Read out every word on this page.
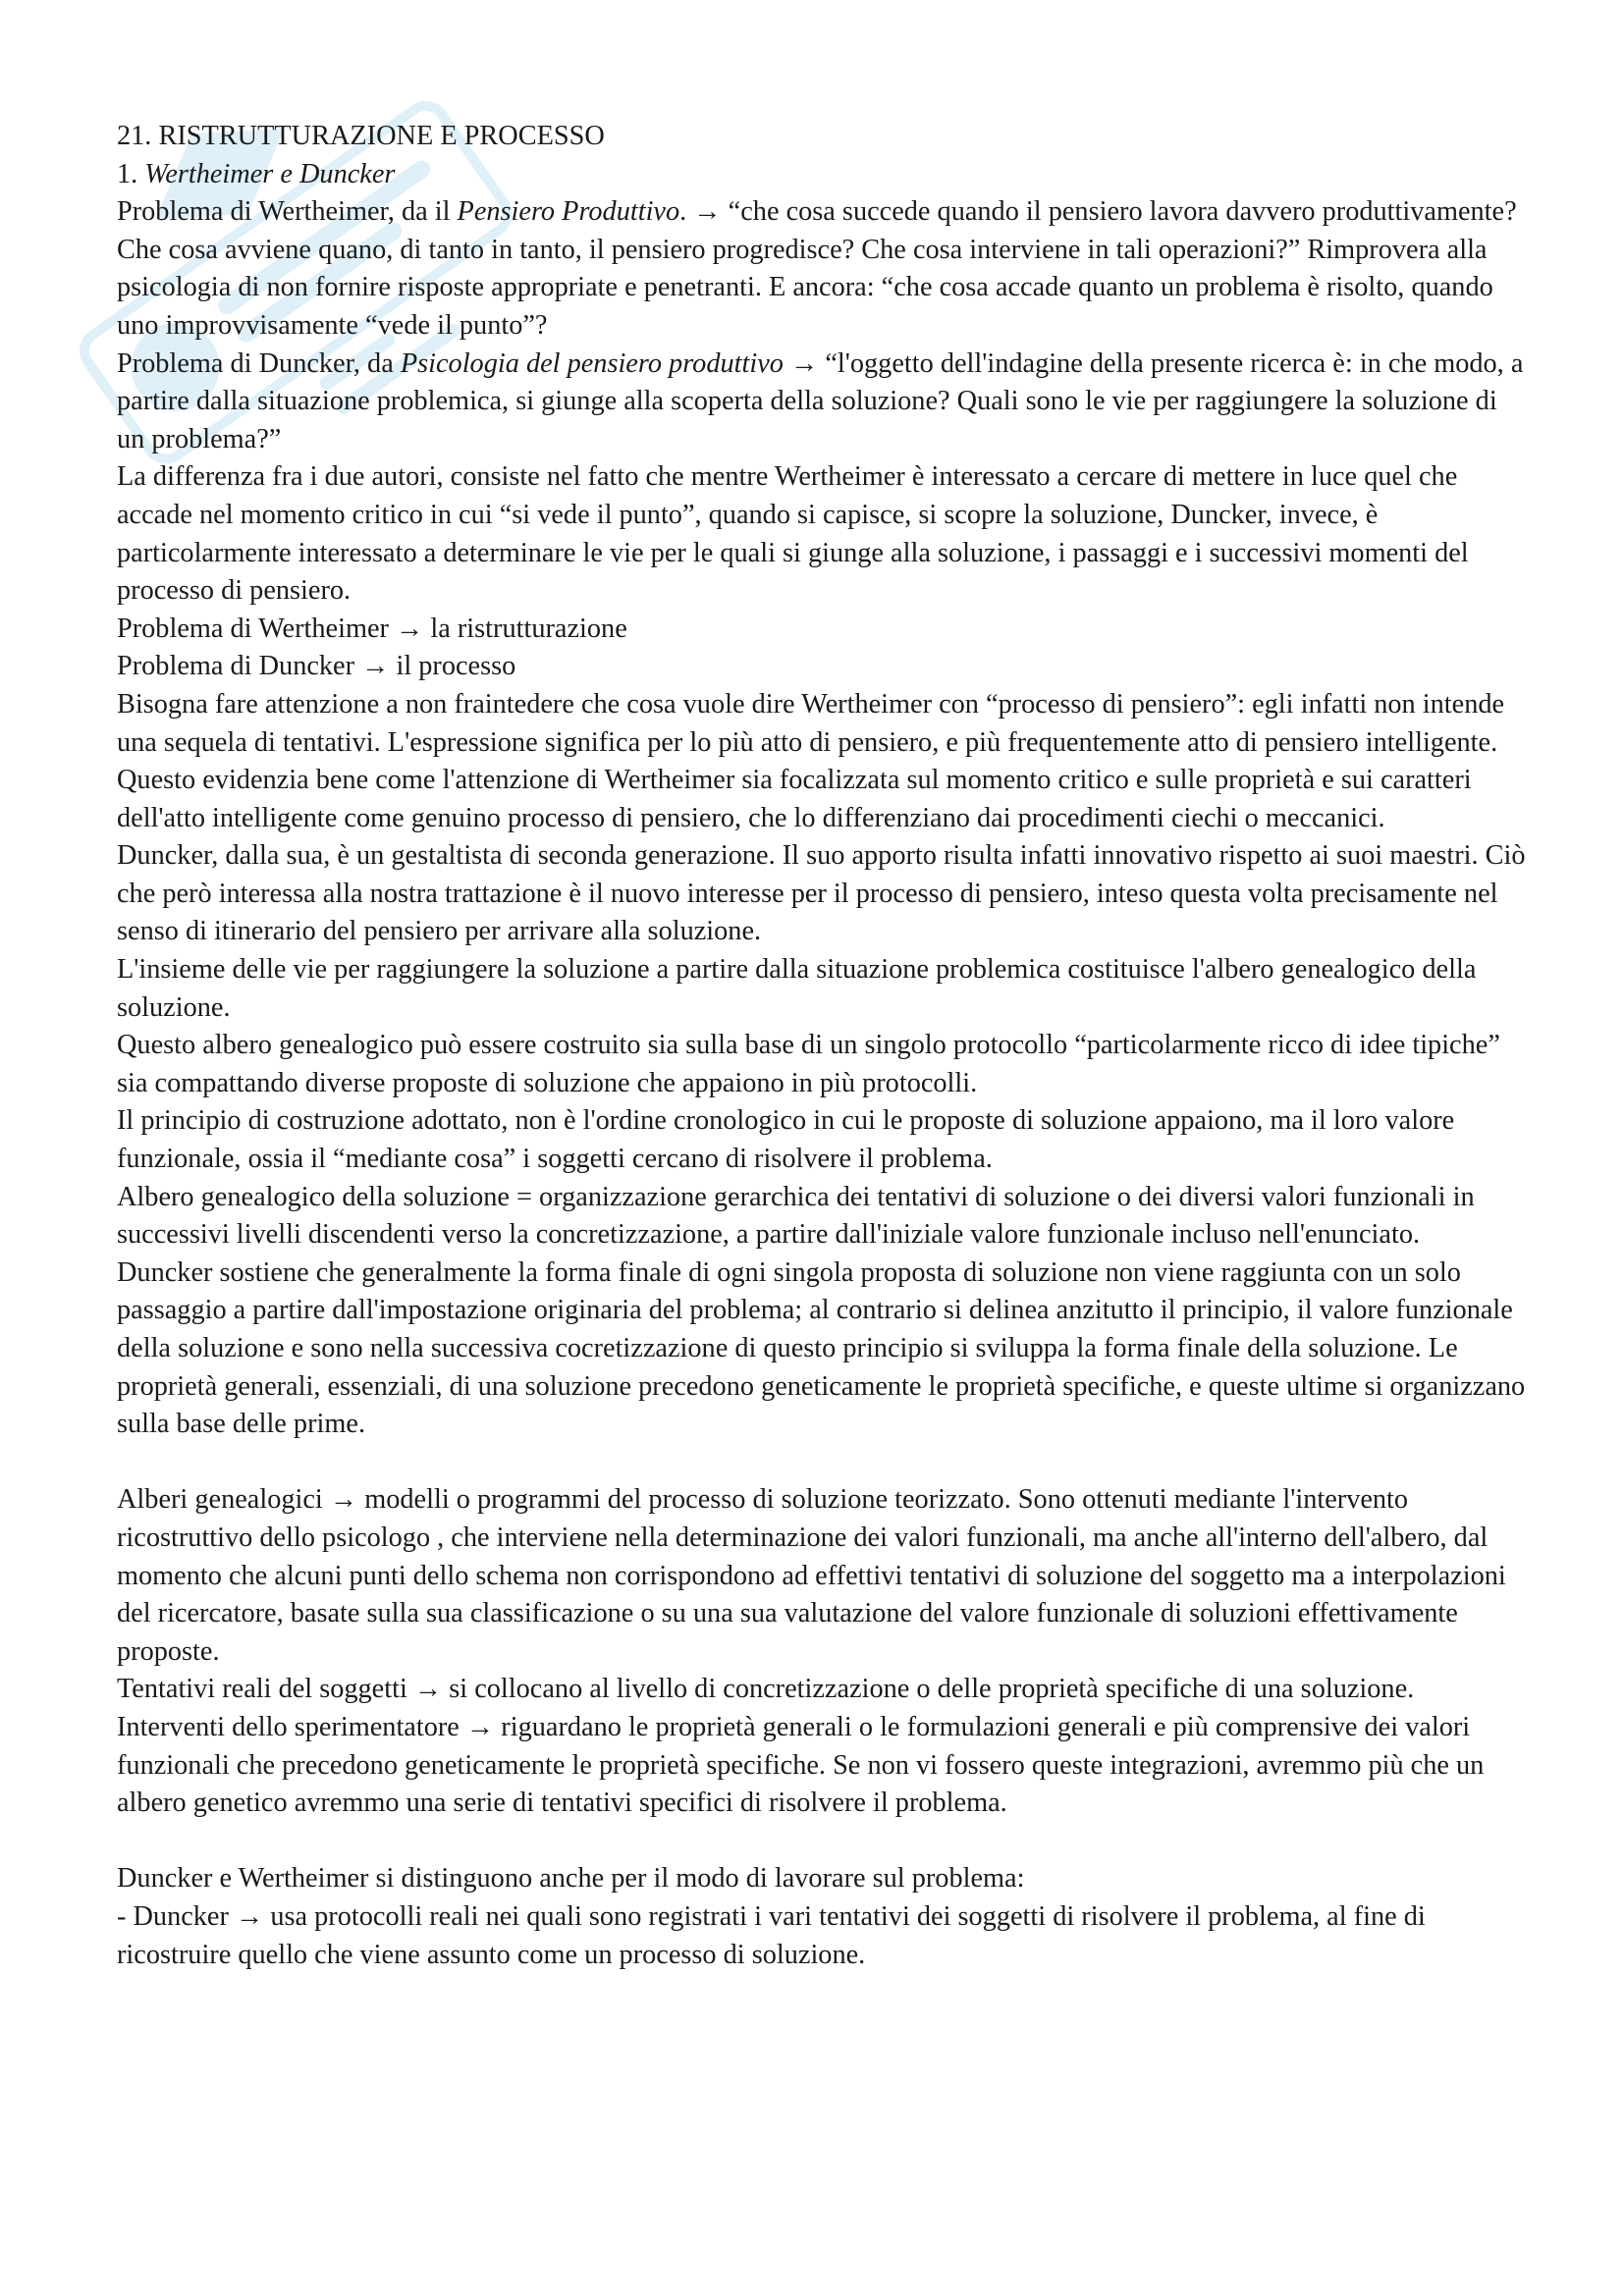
21. RISTRUTTURAZIONE E PROCESSO

1. Wertheimer e Duncker

Problema di Wertheimer, da il Pensiero Produttivo. → “che cosa succede quando il pensiero lavora davvero produttivamente? Che cosa avviene quano, di tanto in tanto, il pensiero progredisce? Che cosa interviene in tali operazioni?” Rimprovera alla psicologia di non fornire risposte appropriate e penetranti. E ancora: “che cosa accade quanto un problema è risolto, quando uno improvvisamente “vede il punto”?

Problema di Duncker, da Psicologia del pensiero produttivo → “l'oggetto dell'indagine della presente ricerca è: in che modo, a partire dalla situazione problemica, si giunge alla scoperta della soluzione? Quali sono le vie per raggiungere la soluzione di un problema?”

La differenza fra i due autori, consiste nel fatto che mentre Wertheimer è interessato a cercare di mettere in luce quel che accade nel momento critico in cui “si vede il punto”, quando si capisce, si scopre la soluzione, Duncker, invece, è particolarmente interessato a determinare le vie per le quali si giunge alla soluzione, i passaggi e i successivi momenti del processo di pensiero.

Problema di Wertheimer → la ristrutturazione

Problema di Duncker → il processo

Bisogna fare attenzione a non fraintedere che cosa vuole dire Wertheimer con “processo di pensiero”: egli infatti non intende una sequela di tentativi. L'espressione significa per lo più atto di pensiero, e più frequentemente atto di pensiero intelligente. Questo evidenzia bene come l'attenzione di Wertheimer sia focalizzata sul momento critico e sulle proprietà e sui caratteri dell'atto intelligente come genuino processo di pensiero, che lo differenziano dai procedimenti ciechi o meccanici.

Duncker, dalla sua, è un gestaltista di seconda generazione. Il suo apporto risulta infatti innovativo rispetto ai suoi maestri. Ciò che però interessa alla nostra trattazione è il nuovo interesse per il processo di pensiero, inteso questa volta precisamente nel senso di itinerario del pensiero per arrivare alla soluzione.

L'insieme delle vie per raggiungere la soluzione a partire dalla situazione problemica costituisce l'albero genealogico della soluzione.

Questo albero genealogico può essere costruito sia sulla base di un singolo protocollo “particolarmente ricco di idee tipiche” sia compattando diverse proposte di soluzione che appaiono in più protocolli.

Il principio di costruzione adottato, non è l'ordine cronologico in cui le proposte di soluzione appaiono, ma il loro valore funzionale, ossia il “mediante cosa” i soggetti cercano di risolvere il problema.

Albero genealogico della soluzione = organizzazione gerarchica dei tentativi di soluzione o dei diversi valori funzionali in successivi livelli discendenti verso la concretizzazione, a partire dall'iniziale valore funzionale incluso nell'enunciato.

Duncker sostiene che generalmente la forma finale di ogni singola proposta di soluzione non viene raggiunta con un solo passaggio a partire dall'impostazione originaria del problema; al contrario si delinea anzitutto il principio, il valore funzionale della soluzione e sono nella successiva cocretizzazione di questo principio si sviluppa la forma finale della soluzione. Le proprietà generali, essenziali, di una soluzione precedono geneticamente le proprietà specifiche, e queste ultime si organizzano sulla base delle prime.

Alberi genealogici → modelli o programmi del processo di soluzione teorizzato. Sono ottenuti mediante l'intervento ricostruttivo dello psicologo , che interviene nella determinazione dei valori funzionali, ma anche all'interno dell'albero, dal momento che alcuni punti dello schema non corrispondono ad effettivi tentativi di soluzione del soggetto ma a interpolazioni del ricercatore, basate sulla sua classificazione o su una sua valutazione del valore funzionale di soluzioni effettivamente proposte.

Tentativi reali del soggetti → si collocano al livello di concretizzazione o delle proprietà specifiche di una soluzione.

Interventi dello sperimentatore → riguardano le proprietà generali o le formulazioni generali e più comprensive dei valori funzionali che precedono geneticamente le proprietà specifiche. Se non vi fossero queste integrazioni, avremmo più che un albero genetico avremmo una serie di tentativi specifici di risolvere il problema.

Duncker e Wertheimer si distinguono anche per il modo di lavorare sul problema:

- Duncker → usa protocolli reali nei quali sono registrati i vari tentativi dei soggetti di risolvere il problema, al fine di ricostruire quello che viene assunto come un processo di soluzione.
